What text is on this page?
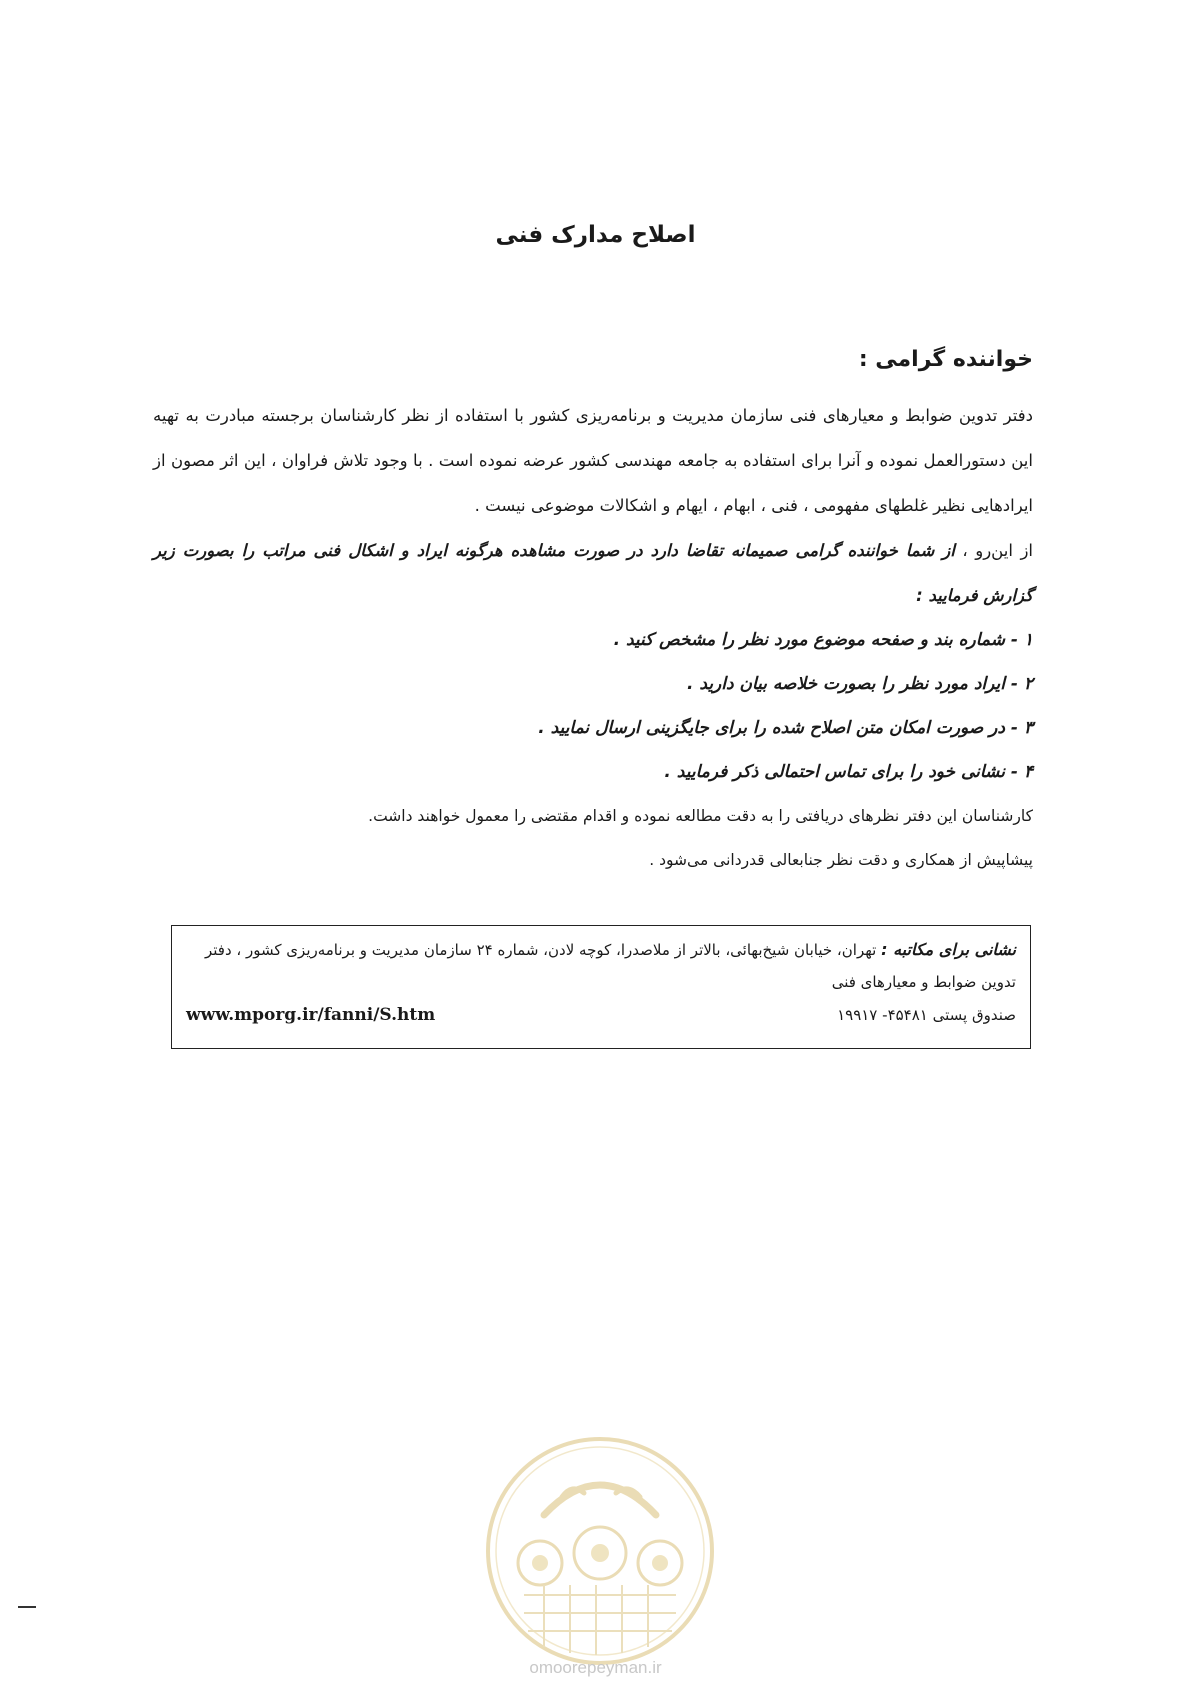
اصلاح مدارک فنی

خواننده گرامی :

دفتر تدوین ضوابط و معیارهای فنی سازمان مدیریت و برنامه‌ریزی کشور با استفاده از نظر کارشناسان برجسته مبادرت به تهیه این دستورالعمل نموده و آنرا برای استفاده به جامعه مهندسی کشور عرضه نموده است . با وجود تلاش فراوان ، این اثر مصون از ایرادهایی نظیر غلطهای مفهومی ، فنی ، ابهام ، ایهام و اشکالات موضوعی نیست .
از این‌رو ، از شما خواننده گرامی صمیمانه تقاضا دارد در صورت مشاهده هرگونه ایراد و اشکال فنی مراتب را بصورت زیر گزارش فرمایید :

۱ - شماره بند و صفحه موضوع مورد نظر را مشخص کنید .

۲ - ایراد مورد نظر را بصورت خلاصه بیان دارید .

۳ - در صورت امکان متن اصلاح شده را برای جایگزینی ارسال نمایید .

۴ - نشانی خود را برای تماس احتمالی ذکر فرمایید .

کارشناسان این دفتر نظرهای دریافتی را به دقت مطالعه نموده و اقدام مقتضی را معمول خواهند داشت.

پیشاپیش از همکاری و دقت نظر جنابعالی قدردانی می‌شود .

نشانی برای مکاتبه : تهران، خیابان شیخ‌بهائی، بالاتر از ملاصدرا، کوچه لادن، شماره ۲۴ سازمان مدیریت و برنامه‌ریزی کشور ، دفتر تدوین ضوابط و معیارهای فنی

صندوق پستی ۴۵۴۸۱- ۱۹۹۱۷
www.mporg.ir/fanni/S.htm
omoorepeyman.ir
